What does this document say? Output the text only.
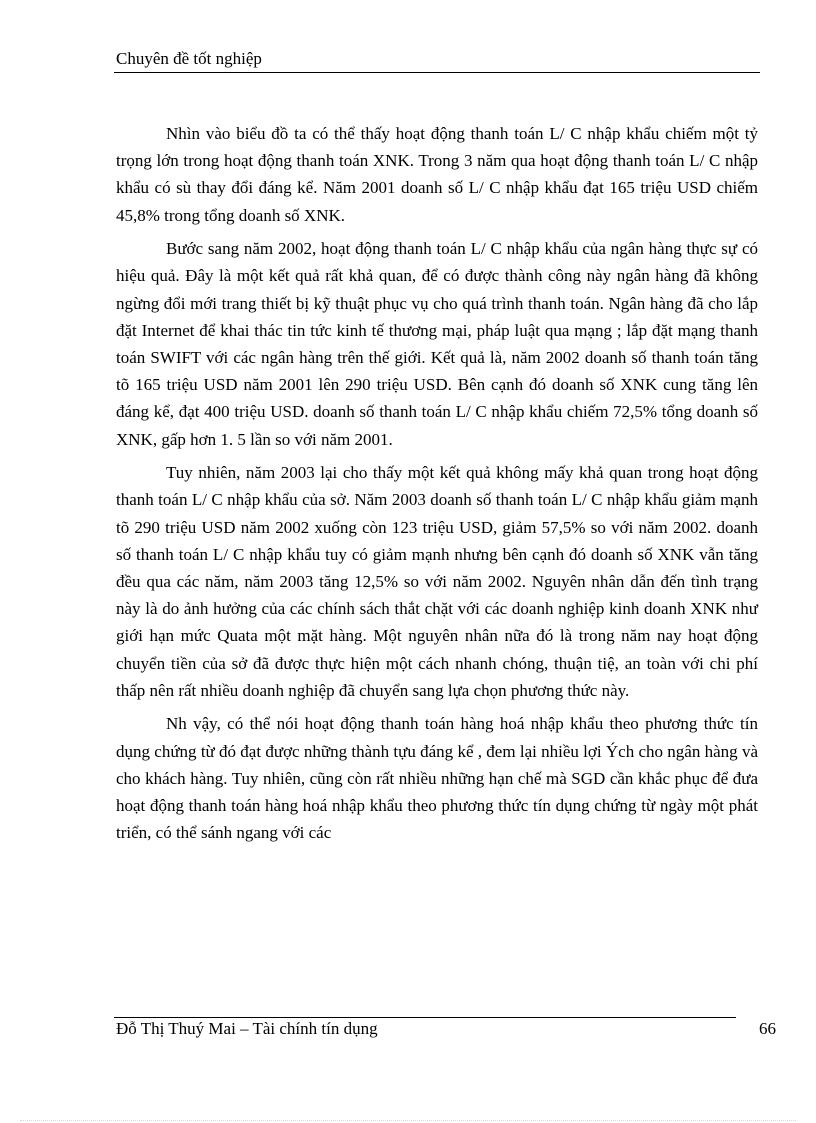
Chuyên đề tốt nghiệp

Nhìn vào biểu đồ ta có thể thấy hoạt động thanh toán L/ C nhập khẩu chiếm một tỷ trọng lớn trong hoạt động thanh toán XNK. Trong 3 năm qua hoạt động thanh toán L/ C nhập khẩu có sù thay đổi đáng kể. Năm 2001 doanh số L/ C nhập khẩu đạt 165 triệu USD chiếm 45,8% trong tổng doanh số XNK.

Bước sang năm 2002, hoạt động thanh toán L/ C nhập khẩu của ngân hàng thực sự có hiệu quả. Đây là một kết quả rất khả quan, để có được thành công này ngân hàng đã không ngừng đổi mới trang thiết bị kỹ thuật phục vụ cho quá trình thanh toán. Ngân hàng đã cho lắp đặt Internet để khai thác tin tức kinh tế thương mại, pháp luật qua mạng ; lắp đặt mạng thanh toán SWIFT với các ngân hàng trên thế giới. Kết quả là, năm 2002 doanh số thanh toán tăng tõ 165 triệu USD năm 2001 lên 290 triệu USD. Bên cạnh đó doanh số XNK cung tăng lên đáng kể, đạt 400 triệu USD. doanh số thanh toán L/ C nhập khẩu chiếm 72,5% tổng doanh số XNK, gấp hơn 1. 5 lần so với năm 2001.

Tuy nhiên, năm 2003 lại cho thấy một kết quả không mấy khả quan trong hoạt động thanh toán L/ C nhập khẩu của sở. Năm 2003 doanh số thanh toán L/ C nhập khẩu giảm mạnh tõ 290 triệu USD năm 2002 xuống còn 123 triệu USD, giảm 57,5% so với năm 2002. doanh số thanh toán L/ C nhập khẩu tuy có giảm mạnh nhưng bên cạnh đó doanh số XNK vẫn tăng đều qua các năm, năm 2003 tăng 12,5% so với năm 2002. Nguyên nhân dẫn đến tình trạng này là do ảnh hưởng của các chính sách thắt chặt với các doanh nghiệp kinh doanh XNK như giới hạn mức Quata một mặt hàng. Một nguyên nhân nữa đó là trong năm nay hoạt động chuyển tiền của sở đã được thực hiện một cách nhanh chóng, thuận tiệ, an toàn với chi phí thấp nên rất nhiều doanh nghiệp đã chuyển sang lựa chọn phương thức này.

Nh vậy, có thể nói hoạt động thanh toán hàng hoá nhập khẩu theo phương thức tín dụng chứng từ đó đạt được những thành tựu đáng kể , đem lại nhiều lợi Ých cho ngân hàng và cho khách hàng. Tuy nhiên, cũng còn rất nhiều những hạn chế mà SGD cần khắc phục để đưa hoạt động thanh toán hàng hoá nhập khẩu theo phương thức tín dụng chứng từ ngày một phát triển, có thể sánh ngang với các

Đỗ Thị Thuý Mai – Tài chính tín dụng	66
